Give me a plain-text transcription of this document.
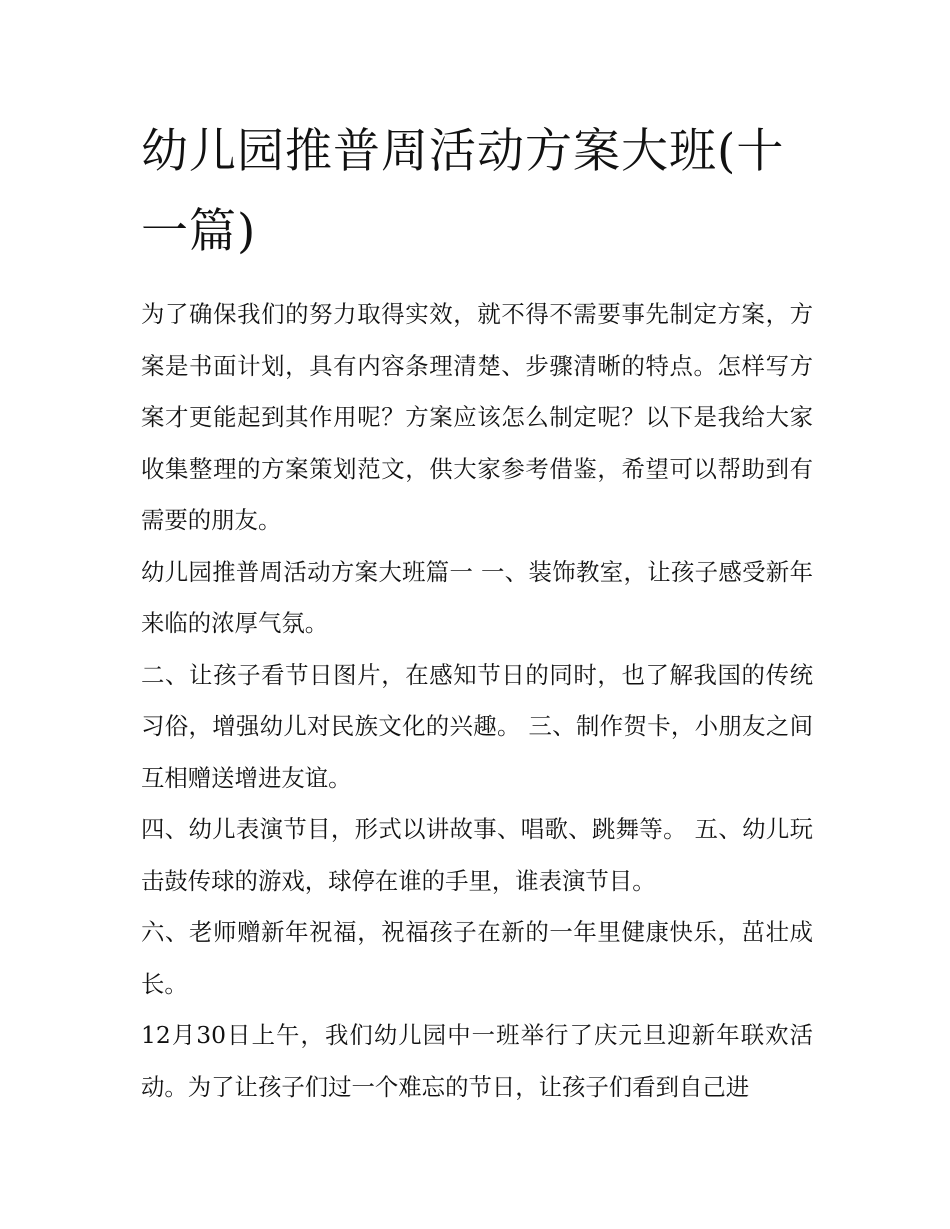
幼儿园推普周活动方案大班(十一篇)

为了确保我们的努力取得实效，就不得不需要事先制定方案，方案是书面计划，具有内容条理清楚、步骤清晰的特点。怎样写方案才更能起到其作用呢？方案应该怎么制定呢？以下是我给大家收集整理的方案策划范文，供大家参考借鉴，希望可以帮助到有需要的朋友。

幼儿园推普周活动方案大班篇一 一、装饰教室，让孩子感受新年来临的浓厚气氛。

二、让孩子看节日图片，在感知节日的同时，也了解我国的传统习俗，增强幼儿对民族文化的兴趣。 三、制作贺卡，小朋友之间互相赠送增进友谊。

四、幼儿表演节目，形式以讲故事、唱歌、跳舞等。 五、幼儿玩击鼓传球的游戏，球停在谁的手里，谁表演节目。

六、老师赠新年祝福，祝福孩子在新的一年里健康快乐，茁壮成长。

12月30日上午，我们幼儿园中一班举行了庆元旦迎新年联欢活动。为了让孩子们过一个难忘的节日，让孩子们看到自己进
